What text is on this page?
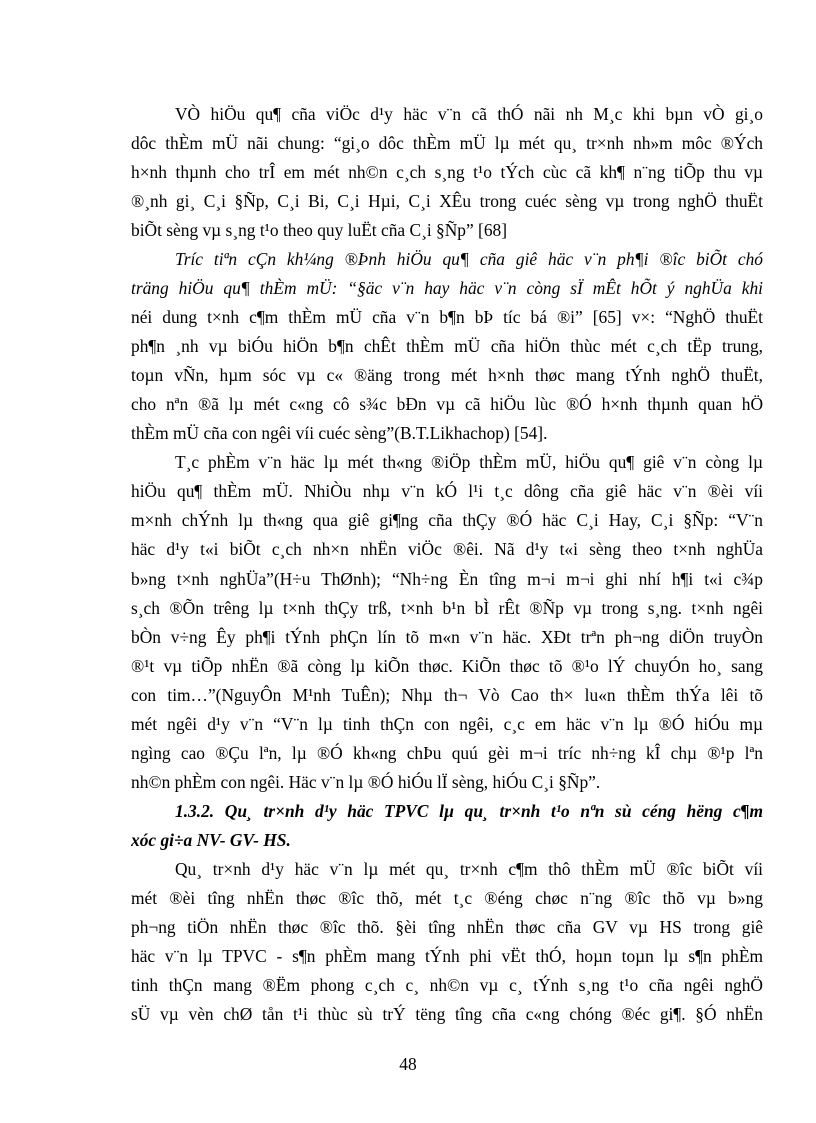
VÒ hiÖu qu¶ cña viÖc d¹y häc v¨n cã thÓ nãi nh M¸c khi bµn vÒ gi¸o
dôc thÈm mÜ nãi chung: “gi¸o dôc thÈm mÜ lµ mét qu¸ tr×nh nh»m môc ®Ých
h×nh thµnh cho trÎ em mét nh©n c¸ch s¸ng t¹o tÝch cùc cã kh¶ n¨ng tiÕp thu vµ
®¸nh gi¸ C¸i §Ñp, C¸i Bi, C¸i Hµi, C¸i XÊu trong cuéc sèng vµ trong nghÖ thuËt
biÕt sèng vµ s¸ng t¹o theo quy luËt cña C¸i §Ñp” [68]
Tríc tiªn cÇn kh¼ng ®Þnh hiÖu qu¶ cña giê häc v¨n ph¶i ®îc biÕt chó
träng hiÖu qu¶ thÈm mÜ: “§äc v¨n hay häc v¨n còng sÏ mÊt hÕt ý nghÜa khi
néi dung t×nh c¶m thÈm mÜ cña v¨n b¶n bÞ tíc bá ®i” [65] v×: “NghÖ thuËt
ph¶n ¸nh vµ biÓu hiÖn b¶n chÊt thÈm mÜ cña hiÖn thùc mét c¸ch tËp trung,
toµn vÑn, hµm sóc vµ c« ®äng trong mét h×nh thøc mang tÝnh nghÖ thuËt,
cho nªn ®ã lµ mét c«ng cô s¾c bÐn vµ cã hiÖu lùc ®Ó h×nh thµnh quan hÖ
thÈm mÜ cña con ngêi víi cuéc sèng”(B.T.Likhachop) [54].
T¸c phÈm v¨n häc lµ mét th«ng ®iÖp thÈm mÜ, hiÖu qu¶ giê v¨n còng lµ
hiÖu qu¶ thÈm mÜ. NhiÒu nhµ v¨n kÓ l¹i t¸c dông cña giê häc v¨n ®èi víi
m×nh chÝnh lµ th«ng qua giê gi¶ng cña thÇy ®Ó häc C¸i Hay, C¸i §Ñp: “V¨n
häc d¹y t«i biÕt c¸ch nh×n nhËn viÖc ®êi. Nã d¹y t«i sèng theo t×nh nghÜa
b»ng t×nh nghÜa”(H÷u ThØnh); “Nh÷ng Èn tîng m¬i m¬i ghi nhí h¶i t«i c¾p
s¸ch ®Õn trêng lµ t×nh thÇy trß, t×nh b¹n bÌ rÊt ®Ñp vµ trong s¸ng. t×nh ngêi
bÒn v÷ng Êy ph¶i tÝnh phÇn lín tõ m«n v¨n häc. XÐt trªn ph¬ng diÖn truyÒn
®¹t vµ tiÕp nhËn ®ã còng lµ kiÕn thøc. KiÕn thøc tõ ®¹o lÝ chuyÓn ho¸ sang
con tim…”(NguyÔn M¹nh TuÊn); Nhµ th¬ Vò Cao th× lu«n thÈm thÝa lêi tõ
mét ngêi d¹y v¨n “V¨n lµ tinh thÇn con ngêi, c¸c em häc v¨n lµ ®Ó hiÓu mµ
ngìng cao ®Çu lªn, lµ ®Ó kh«ng chÞu quú gèi m¬i tríc nh÷ng kÎ chµ ®¹p lªn
nh©n phÈm con ngêi. Häc v¨n lµ ®Ó hiÓu lÏ sèng, hiÓu C¸i §Ñp”.
1.3.2. Qu¸ tr×nh d¹y häc TPVC lµ qu¸ tr×nh t¹o nªn sù céng hëng c¶m
xóc gi÷a NV- GV- HS.
Qu¸ tr×nh d¹y häc v¨n lµ mét qu¸ tr×nh c¶m thô thÈm mÜ ®îc biÕt víi
mét ®èi tîng nhËn thøc ®îc thõ, mét t¸c ®éng chøc n¨ng ®îc thõ vµ b»ng
ph¬ng tiÖn nhËn thøc ®îc thõ. §èi tîng nhËn thøc cña GV vµ HS trong giê
häc v¨n lµ TPVC - s¶n phÈm mang tÝnh phi vËt thÓ, hoµn toµn lµ s¶n phÈm
tinh thÇn mang ®Ëm phong c¸ch c¸ nh©n vµ c¸ tÝnh s¸ng t¹o cña ngêi nghÖ
sÜ vµ vèn chØ tån t¹i thùc sù trÝ tëng tîng cña c«ng chóng ®éc gi¶. §Ó nhËn
48
